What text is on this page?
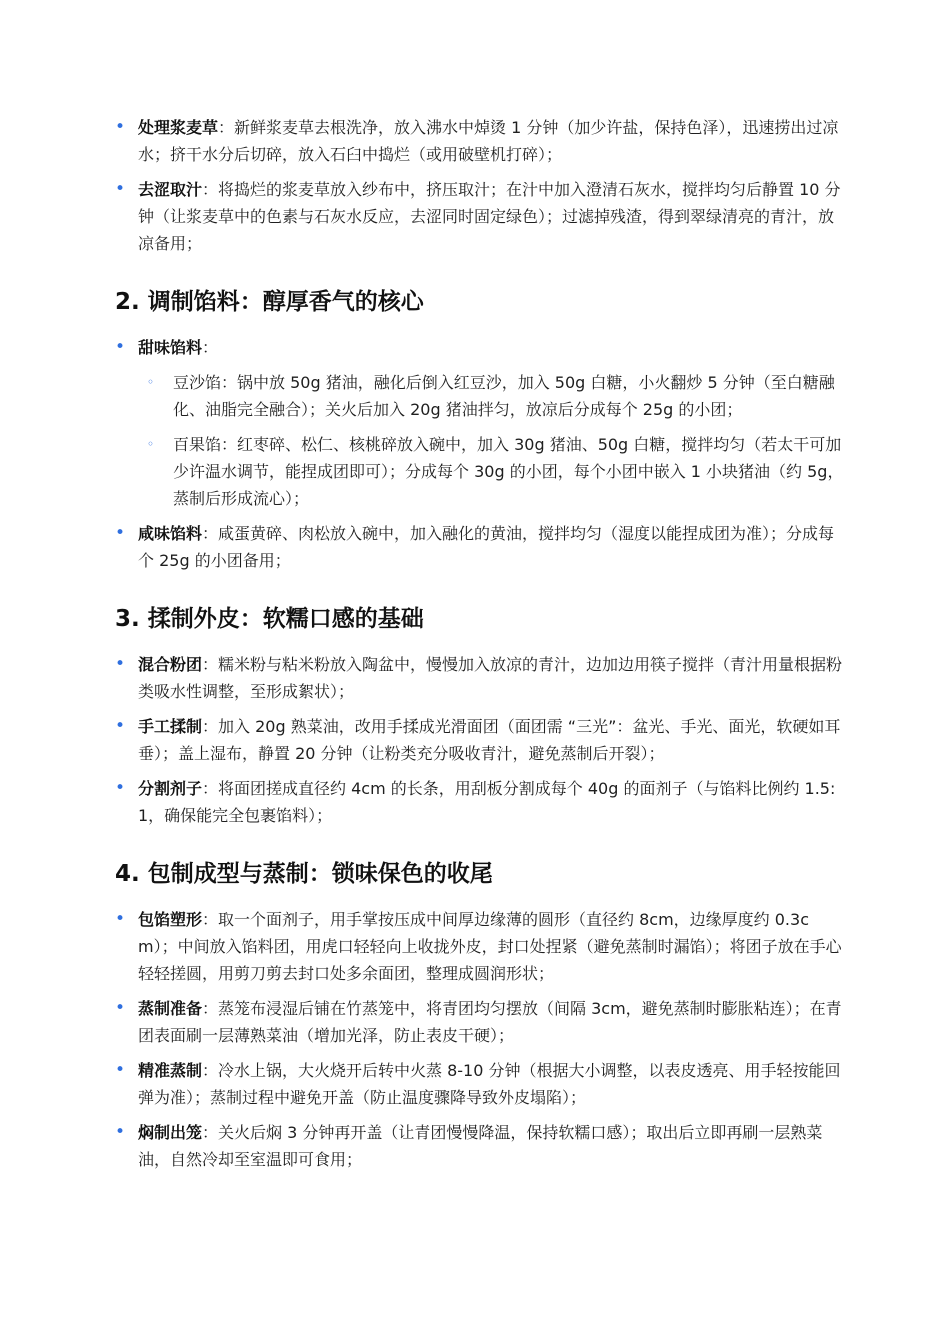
• 处理浆麦草：新鲜浆麦草去根洗净，放入沸水中焯烫 1 分钟（加少许盐，保持色泽），迅速捞出过凉水；挤干水分后切碎，放入石臼中捣烂（或用破壁机打碎）；
• 去涩取汁：将捣烂的浆麦草放入纱布中，挤压取汁；在汁中加入澄清石灰水，搅拌均匀后静置 10 分钟（让浆麦草中的色素与石灰水反应，去涩同时固定绿色）；过滤掉残渣，得到翠绿清亮的青汁，放凉备用；
2. 调制馅料：醇厚香气的核心
• 甜味馅料：
◦ 豆沙馅：锅中放 50g 猪油，融化后倒入红豆沙，加入 50g 白糖，小火翻炒 5 分钟（至白糖融化、油脂完全融合）；关火后加入 20g 猪油拌匀，放凉后分成每个 25g 的小团；
◦ 百果馅：红枣碎、松仁、核桃碎放入碗中，加入 30g 猪油、50g 白糖，搅拌均匀（若太干可加少许温水调节，能捏成团即可）；分成每个 30g 的小团，每个小团中嵌入 1 小块猪油（约 5g，蒸制后形成流心）；
• 咸味馅料：咸蛋黄碎、肉松放入碗中，加入融化的黄油，搅拌均匀（湿度以能捏成团为准）；分成每个 25g 的小团备用；
3. 揉制外皮：软糯口感的基础
• 混合粉团：糯米粉与粘米粉放入陶盆中，慢慢加入放凉的青汁，边加边用筷子搅拌（青汁用量根据粉类吸水性调整，至形成絮状）；
• 手工揉制：加入 20g 熟菜油，改用手揉成光滑面团（面团需 “三光”：盆光、手光、面光，软硬如耳垂）；盖上湿布，静置 20 分钟（让粉类充分吸收青汁，避免蒸制后开裂）；
• 分割剂子：将面团搓成直径约 4cm 的长条，用刮板分割成每个 40g 的面剂子（与馅料比例约 1.5:1，确保能完全包裹馅料）；
4. 包制成型与蒸制：锁味保色的收尾
• 包馅塑形：取一个面剂子，用手掌按压成中间厚边缘薄的圆形（直径约 8cm，边缘厚度约 0.3cm）；中间放入馅料团，用虎口轻轻向上收拢外皮，封口处捏紧（避免蒸制时漏馅）；将团子放在手心轻轻搓圆，用剪刀剪去封口处多余面团，整理成圆润形状；
• 蒸制准备：蒸笼布浸湿后铺在竹蒸笼中，将青团均匀摆放（间隔 3cm，避免蒸制时膨胀粘连）；在青团表面刷一层薄熟菜油（增加光泽，防止表皮干硬）；
• 精准蒸制：冷水上锅，大火烧开后转中火蒸 8-10 分钟（根据大小调整，以表皮透亮、用手轻按能回弹为准）；蒸制过程中避免开盖（防止温度骤降导致外皮塌陷）；
• 焖制出笼：关火后焖 3 分钟再开盖（让青团慢慢降温，保持软糯口感）；取出后立即再刷一层熟菜油，自然冷却至室温即可食用；
